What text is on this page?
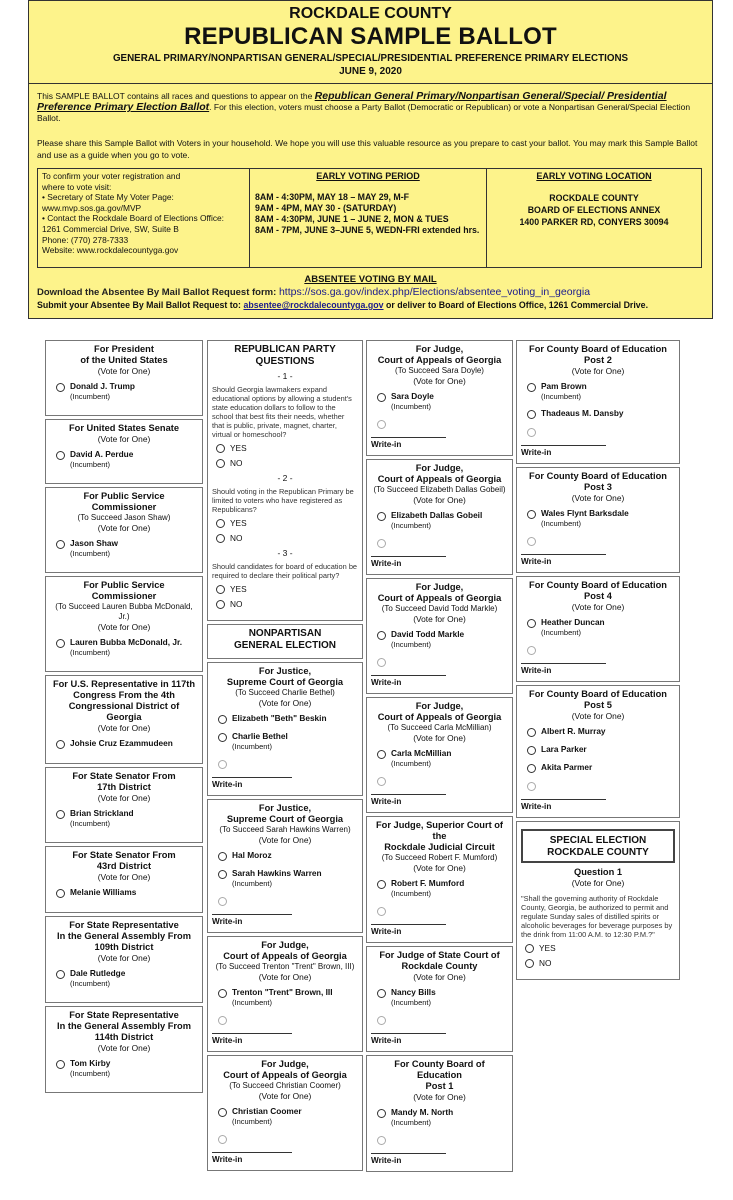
ROCKDALE COUNTY
REPUBLICAN SAMPLE BALLOT
GENERAL PRIMARY/NONPARTISAN GENERAL/SPECIAL/PRESIDENTIAL PREFERENCE PRIMARY ELECTIONS
JUNE 9, 2020
This SAMPLE BALLOT contains all races and questions to appear on the Republican General Primary/Nonpartisan General/Special/ Presidential Preference Primary Election Ballot. For this election, voters must choose a Party Ballot (Democratic or Republican) or vote a Nonpartisan General/Special Election Ballot.
Please share this Sample Ballot with Voters in your household. We hope you will use this valuable resource as you prepare to cast your ballot. You may mark this Sample Ballot and use as a guide when you go to vote.
To confirm your voter registration and
where to vote visit:
• Secretary of State My Voter Page:
www.mvp.sos.ga.gov/MVP
• Contact the Rockdale Board of Elections Office:
1261 Commercial Drive, SW, Suite B
Phone: (770) 278-7333
Website: www.rockdalecountyga.gov
EARLY VOTING PERIOD
8AM - 4:30PM, MAY 18 – MAY 29, M-F
9AM - 4PM, MAY 30 - (SATURDAY)
8AM - 4:30PM, JUNE 1 – JUNE 2, MON & TUES
8AM - 7PM, JUNE 3–JUNE 5, WEDN-FRI extended hrs.
EARLY VOTING LOCATION
ROCKDALE COUNTY
BOARD OF ELECTIONS ANNEX
1400 PARKER RD, CONYERS 30094
ABSENTEE VOTING BY MAIL
Download the Absentee By Mail Ballot Request form: https://sos.ga.gov/index.php/Elections/absentee_voting_in_georgia
Submit your Absentee By Mail Ballot Request to: absentee@rockdalecountyga.gov or deliver to Board of Elections Office, 1261 Commercial Drive.
For President
of the United States
(Vote for One)
Donald J. Trump
(Incumbent)
For United States Senate
(Vote for One)
David A. Perdue
(Incumbent)
For Public Service
Commissioner
(To Succeed Jason Shaw)
(Vote for One)
Jason Shaw
(Incumbent)
For Public Service
Commissioner
(To Succeed Lauren Bubba McDonald, Jr.)
(Vote for One)
Lauren Bubba McDonald, Jr.
(Incumbent)
For U.S. Representative in 117th
Congress From the 4th
Congressional District of Georgia
(Vote for One)
Johsie Cruz Ezammudeen
For State Senator From
17th District
(Vote for One)
Brian Strickland
(Incumbent)
For State Senator From
43rd District
(Vote for One)
Melanie Williams
For State Representative
In the General Assembly From
109th District
(Vote for One)
Dale Rutledge
(Incumbent)
For State Representative
In the General Assembly From
114th District
(Vote for One)
Tom Kirby
(Incumbent)
REPUBLICAN PARTY
QUESTIONS
- 1 -
Should Georgia lawmakers expand educational options by allowing a student's state education dollars to follow to the school that best fits their needs, whether that is public, private, magnet, charter, virtual or homeschool?
YES
NO
- 2 -
Should voting in the Republican Primary be limited to voters who have registered as Republicans?
YES
NO
- 3 -
Should candidates for board of education be required to declare their political party?
YES
NO
NONPARTISAN
GENERAL ELECTION
For Justice,
Supreme Court of Georgia
(To Succeed Charlie Bethel)
(Vote for One)
Elizabeth "Beth" Beskin
Charlie Bethel
(Incumbent)
Write-in
For Justice,
Supreme Court of Georgia
(To Succeed Sarah Hawkins Warren)
(Vote for One)
Hal Moroz
Sarah Hawkins Warren
(Incumbent)
Write-in
For Judge,
Court of Appeals of Georgia
(To Succeed Trenton "Trent" Brown, III)
(Vote for One)
Trenton "Trent" Brown, III
(Incumbent)
Write-in
For Judge,
Court of Appeals of Georgia
(To Succeed Christian Coomer)
(Vote for One)
Christian Coomer
(Incumbent)
Write-in
For Judge,
Court of Appeals of Georgia
(To Succeed Sara Doyle)
(Vote for One)
Sara Doyle
(Incumbent)
Write-in
For Judge,
Court of Appeals of Georgia
(To Succeed Elizabeth Dallas Gobeil)
(Vote for One)
Elizabeth Dallas Gobeil
(Incumbent)
Write-in
For Judge,
Court of Appeals of Georgia
(To Succeed David Todd Markle)
(Vote for One)
David Todd Markle
(Incumbent)
Write-in
For Judge,
Court of Appeals of Georgia
(To Succeed Carla McMillian)
(Vote for One)
Carla McMillian
(Incumbent)
Write-in
For Judge, Superior Court of the
Rockdale Judicial Circuit
(To Succeed Robert F. Mumford)
(Vote for One)
Robert F. Mumford
(Incumbent)
Write-in
For Judge of State Court of
Rockdale County
(Vote for One)
Nancy Bills
(Incumbent)
Write-in
For County Board of Education
Post 1
(Vote for One)
Mandy M. North
(Incumbent)
Write-in
For County Board of Education
Post 2
(Vote for One)
Pam Brown
(Incumbent)
Thadeaus M. Dansby
Write-in
For County Board of Education
Post 3
(Vote for One)
Wales Flynt Barksdale
(Incumbent)
Write-in
For County Board of Education
Post 4
(Vote for One)
Heather Duncan
(Incumbent)
Write-in
For County Board of Education
Post 5
(Vote for One)
Albert R. Murray
Lara Parker
Akita Parmer
Write-in
SPECIAL ELECTION
ROCKDALE COUNTY
Question 1
(Vote for One)
"Shall the governing authority of Rockdale County, Georgia, be authorized to permit and regulate Sunday sales of distilled spirits or alcoholic beverages for beverage purposes by the drink from 11:00 A.M. to 12:30 P.M.?"
YES
NO
